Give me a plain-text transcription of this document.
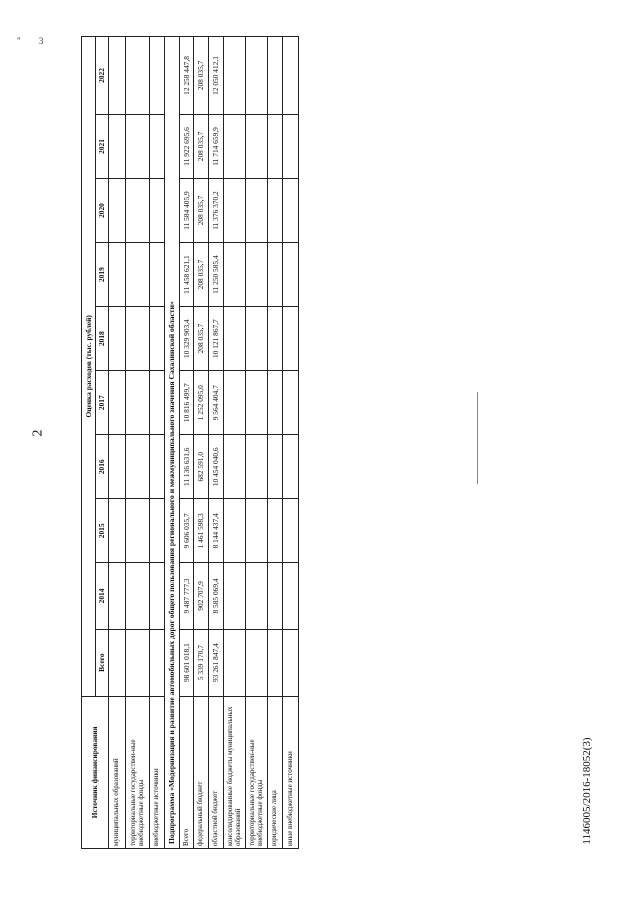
" 3
2
1146005/2016-18052(3)
Источник финансирования	Оценка расходов (тыс. рублей)									
	Всего	2014	2015	2016	2017	2018	2019	2020	2021	2022
муниципальных образований										
территориальные государствен-ные внебюджетные фонды										
внебюджетные источники										
Подпрограмма «Модернизация и развитие автомобильных дорог общего пользования регионального и межмуниципального значения Сахалинской области»										
Всего	98 601 018,1	9 487 777,3	9 606 035,7	11 136 631,6	10 816 499,7	10 329 903,4	11 458 621,1	11 584 405,9	11 922 695,6	12 258 447,8
федеральный бюджет	5 339 170,7	902 707,9	1 461 598,3	682 591,0	1 252 095,0	208 035,7	208 035,7	208 035,7	208 035,7	208 035,7
областной бюджет	93 261 847,4	8 585 069,4	8 144 437,4	10 454 040,6	9 564 404,7	10 121 867,7	11 250 585,4	11 376 370,2	11 714 659,9	12 050 412,1
консолидированные бюджеты муниципальных образований										
территориальные государствен-ные внебюджетные фонды										
юридические лица										
иные внебюджетные источники										
